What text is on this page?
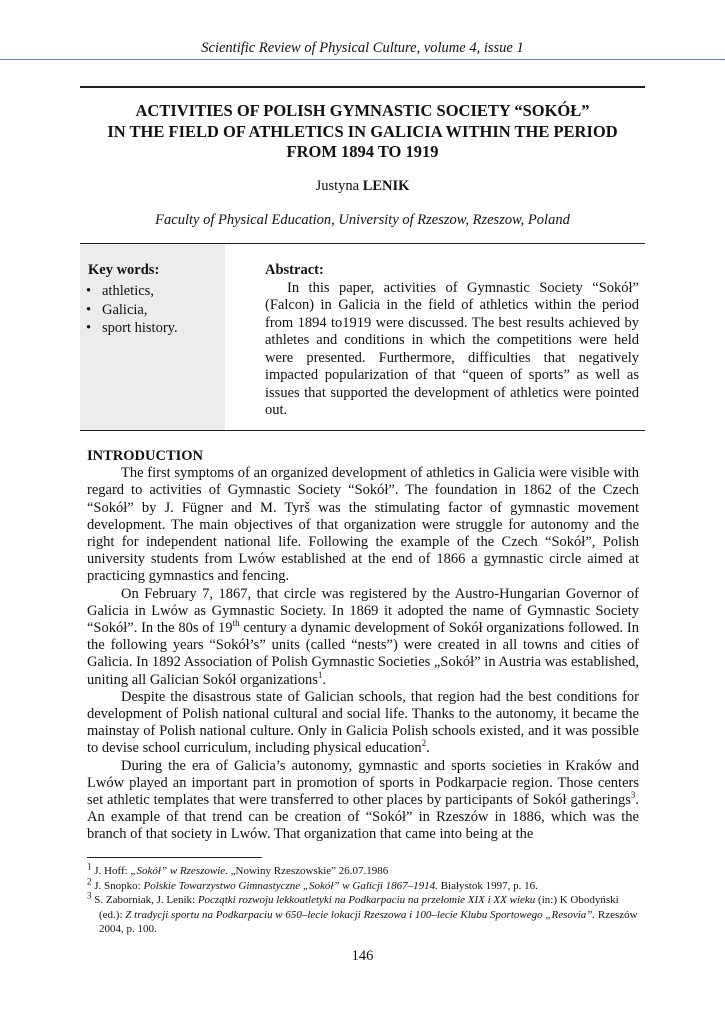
Scientific Review of Physical Culture, volume 4, issue 1
ACTIVITIES OF POLISH GYMNASTIC SOCIETY “SOKÓŁ”
IN THE FIELD OF ATHLETICS IN GALICIA WITHIN THE PERIOD
FROM 1894 TO 1919
Justyna LENIK
Faculty of Physical Education, University of Rzeszow, Rzeszow, Poland
Key words:
• athletics,
• Galicia,
• sport history.
Abstract:

In this paper, activities of Gymnastic Society “Sokół” (Falcon) in Galicia in the field of athletics within the period from 1894 to1919 were discussed. The best results achieved by athletes and conditions in which the competitions were held were presented. Furthermore, difficulties that negatively impacted popularization of that “queen of sports” as well as issues that supported the development of athletics were pointed out.

INTRODUCTION

The first symptoms of an organized development of athletics in Galicia were visible with regard to activities of Gymnastic Society “Sokół”. The foundation in 1862 of the Czech “Sokół” by J. Fügner and M. Tyrš was the stimulating factor of gymnastic movement development. The main objectives of that organization were struggle for autonomy and the right for independent national life. Following the example of the Czech “Sokół”, Polish university students from Lwów established at the end of 1866 a gymnastic circle aimed at practicing gymnastics and fencing.

On February 7, 1867, that circle was registered by the Austro-Hungarian Governor of Galicia in Lwów as Gymnastic Society. In 1869 it adopted the name of Gymnastic Society “Sokół”. In the 80s of 19th century a dynamic development of Sokół organizations followed. In the following years “Sokół’s” units (called “nests”) were created in all towns and cities of Galicia. In 1892 Association of Polish Gymnastic Societies „Sokół” in Austria was established, uniting all Galician Sokół organizations$^1$.

Despite the disastrous state of Galician schools, that region had the best conditions for development of Polish national cultural and social life. Thanks to the autonomy, it became the mainstay of Polish national culture. Only in Galicia Polish schools existed, and it was possible to devise school curriculum, including physical education$^2$.

During the era of Galicia’s autonomy, gymnastic and sports societies in Kraków and Lwów played an important part in promotion of sports in Podkarpacie region. Those centers set athletic templates that were transferred to other places by participants of Sokół gatherings$^3$. An example of that trend can be creation of “Sokół” in Rzeszów in 1886, which was the branch of that society in Lwów. That organization that came into being at the

$^1$ J. Hoff: „Sokół” w Rzeszowie. „Nowiny Rzeszowskie” 26.07.1986
$^2$ J. Snopko: Polskie Towarzystwo Gimnastyczne „Sokół” w Galicji 1867–1914. Białystok 1997, p. 16.
$^3$ S. Zaborniak, J. Lenik: Początki rozwoju lekkoatletyki na Podkarpaciu na przełomie XIX i XX wieku (in:) K Obodyński (ed.): Z tradycji sportu na Podkarpaciu w 650–lecie lokacji Rzeszowa i 100–lecie Klubu Sportowego „Resovia”. Rzeszów 2004, p. 100.
146
